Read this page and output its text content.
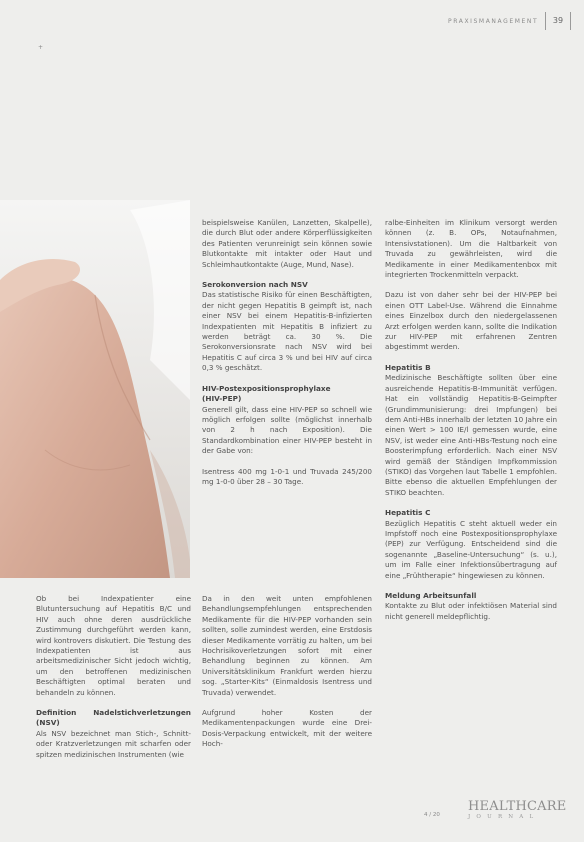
PRAXISMANAGEMENT	39
+

beispielsweise Kanülen, Lanzetten, Skalpelle), die durch Blut oder andere Körperflüssigkeiten des Patienten verunreinigt sein können sowie Blutkontakte mit intakter oder Haut und Schleimhautkontakte (Auge, Mund, Nase).

Serokonversion nach NSV

Das statistische Risiko für einen Beschäftigten, der nicht gegen Hepatitis B geimpft ist, nach einer NSV bei einem Hepatitis-B-infizierten Indexpatienten mit Hepatitis B infiziert zu werden beträgt ca. 30 %. Die Serokonversionsrate nach NSV wird bei Hepatitis C auf circa 3 % und bei HIV auf circa 0,3 % geschätzt.

HIV-Postexpositionsprophylaxe
(HIV-PEP)

Generell gilt, dass eine HIV-PEP so schnell wie möglich erfolgen sollte (möglichst innerhalb von 2 h nach Exposition). Die Standardkombination einer HIV-PEP besteht in der Gabe von:

Isentress 400 mg 1-0-1 und Truvada 245/200 mg 1-0-0 über 28 – 30 Tage.

ralbe-Einheiten im Klinikum versorgt werden können (z. B. OPs, Notaufnahmen, Intensivstationen). Um die Haltbarkeit von Truvada zu gewährleisten, wird die Medikamente in einer Medikamentenbox mit integrierten Trockenmitteln verpackt.

Dazu ist von daher sehr bei der HIV-PEP bei einen OTT Label-Use. Während die Einnahme eines Einzelbox durch den niedergelassenen Arzt erfolgen werden kann, sollte die Indikation zur HIV-PEP mit erfahrenen Zentren abgestimmt werden.

Hepatitis B

Medizinische Beschäftigte sollten über eine ausreichende Hepatitis-B-Immunität verfügen. Hat ein vollständig Hepatitis-B-Geimpfter (Grundimmunisierung: drei Impfungen) bei dem Anti-HBs innerhalb der letzten 10 Jahre ein einen Wert > 100 IE/l gemessen wurde, eine NSV, ist weder eine Anti-HBs-Testung noch eine Boosterimpfung erforderlich. Nach einer NSV wird gemäß der Ständigen Impfkommission (STIKO) das Vorgehen laut Tabelle 1 empfohlen. Bitte ebenso die aktuellen Empfehlungen der STIKO beachten.

Hepatitis C

Bezüglich Hepatitis C steht aktuell weder ein Impfstoff noch eine Postexpositionsprophylaxe (PEP) zur Verfügung. Entscheidend sind die sogenannte „Baseline-Untersuchung“ (s. u.), um im Falle einer Infektionsübertragung auf eine „Frühtherapie“ hingewiesen zu können.

Meldung Arbeitsunfall

Kontakte zu Blut oder infektiösen Material sind nicht generell meldepflichtig.

Ob bei Indexpatienter eine Blutuntersuchung auf Hepatitis B/C und HIV auch ohne deren ausdrückliche Zustimmung durchgeführt werden kann, wird kontrovers diskutiert. Die Testung des Indexpatienten ist aus arbeitsmedizinischer Sicht jedoch wichtig, um den betroffenen medizinischen Beschäftigten optimal beraten und behandeln zu können.

Definition Nadelstichverletzungen (NSV)

Als NSV bezeichnet man Stich-, Schnitt- oder Kratzverletzungen mit scharfen oder spitzen medizinischen Instrumenten (wie

Da in den weit unten empfohlenen Behandlungsempfehlungen entsprechenden Medikamente für die HIV-PEP vorhanden sein sollten, solle zumindest werden, eine Erstdosis dieser Medikamente vorrätig zu halten, um bei Hochrisikoverletzungen sofort mit einer Behandlung beginnen zu können. Am Universitätsklinikum Frankfurt werden hierzu sog. „Starter-Kits“ (Einmaldosis Isentress und Truvada) verwendet.

Aufgrund hoher Kosten der Medikamentenpackungen wurde eine Drei-Dosis-Verpackung entwickelt, mit der weitere Hoch-

4 / 20
HEALTHCARE
JOURNAL
